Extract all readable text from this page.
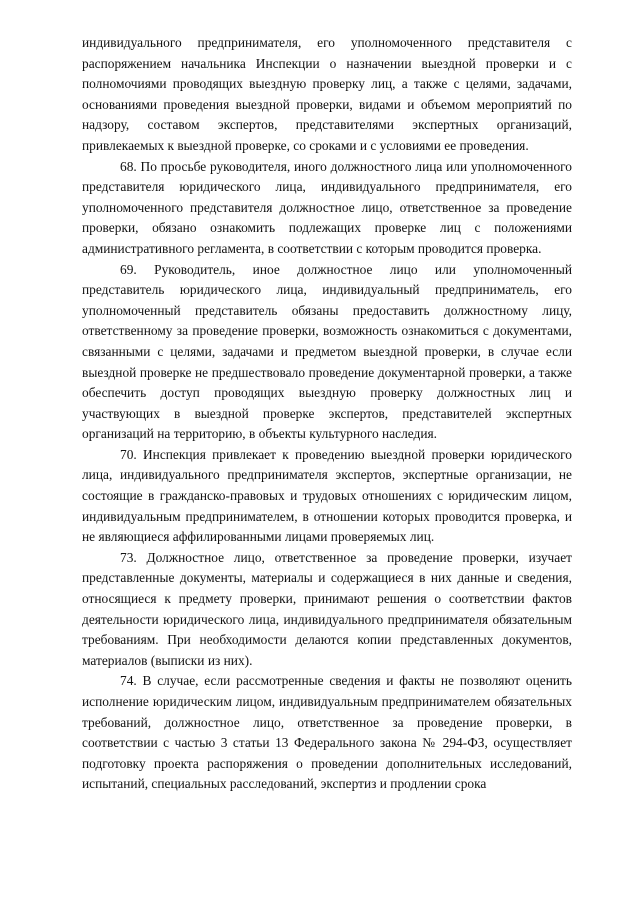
индивидуального предпринимателя, его уполномоченного представителя с распоряжением начальника Инспекции о назначении выездной проверки и с полномочиями проводящих выездную проверку лиц, а также с целями, задачами, основаниями проведения выездной проверки, видами и объемом мероприятий по надзору, составом экспертов, представителями экспертных организаций, привлекаемых к выездной проверке, со сроками и с условиями ее проведения.

68. По просьбе руководителя, иного должностного лица или уполномоченного представителя юридического лица, индивидуального предпринимателя, его уполномоченного представителя должностное лицо, ответственное за проведение проверки, обязано ознакомить подлежащих проверке лиц с положениями административного регламента, в соответствии с которым проводится проверка.

69. Руководитель, иное должностное лицо или уполномоченный представитель юридического лица, индивидуальный предприниматель, его уполномоченный представитель обязаны предоставить должностному лицу, ответственному за проведение проверки, возможность ознакомиться с документами, связанными с целями, задачами и предметом выездной проверки, в случае если выездной проверке не предшествовало проведение документарной проверки, а также обеспечить доступ проводящих выездную проверку должностных лиц и участвующих в выездной проверке экспертов, представителей экспертных организаций на территорию, в объекты культурного наследия.

70. Инспекция привлекает к проведению выездной проверки юридического лица, индивидуального предпринимателя экспертов, экспертные организации, не состоящие в гражданско-правовых и трудовых отношениях с юридическим лицом, индивидуальным предпринимателем, в отношении которых проводится проверка, и не являющиеся аффилированными лицами проверяемых лиц.

73. Должностное лицо, ответственное за проведение проверки, изучает представленные документы, материалы и содержащиеся в них данные и сведения, относящиеся к предмету проверки, принимают решения о соответствии фактов деятельности юридического лица, индивидуального предпринимателя обязательным требованиям. При необходимости делаются копии представленных документов, материалов (выписки из них).

74. В случае, если рассмотренные сведения и факты не позволяют оценить исполнение юридическим лицом, индивидуальным предпринимателем обязательных требований, должностное лицо, ответственное за проведение проверки, в соответствии с частью 3 статьи 13 Федерального закона № 294-ФЗ, осуществляет подготовку проекта распоряжения о проведении дополнительных исследований, испытаний, специальных расследований, экспертиз и продлении срока
